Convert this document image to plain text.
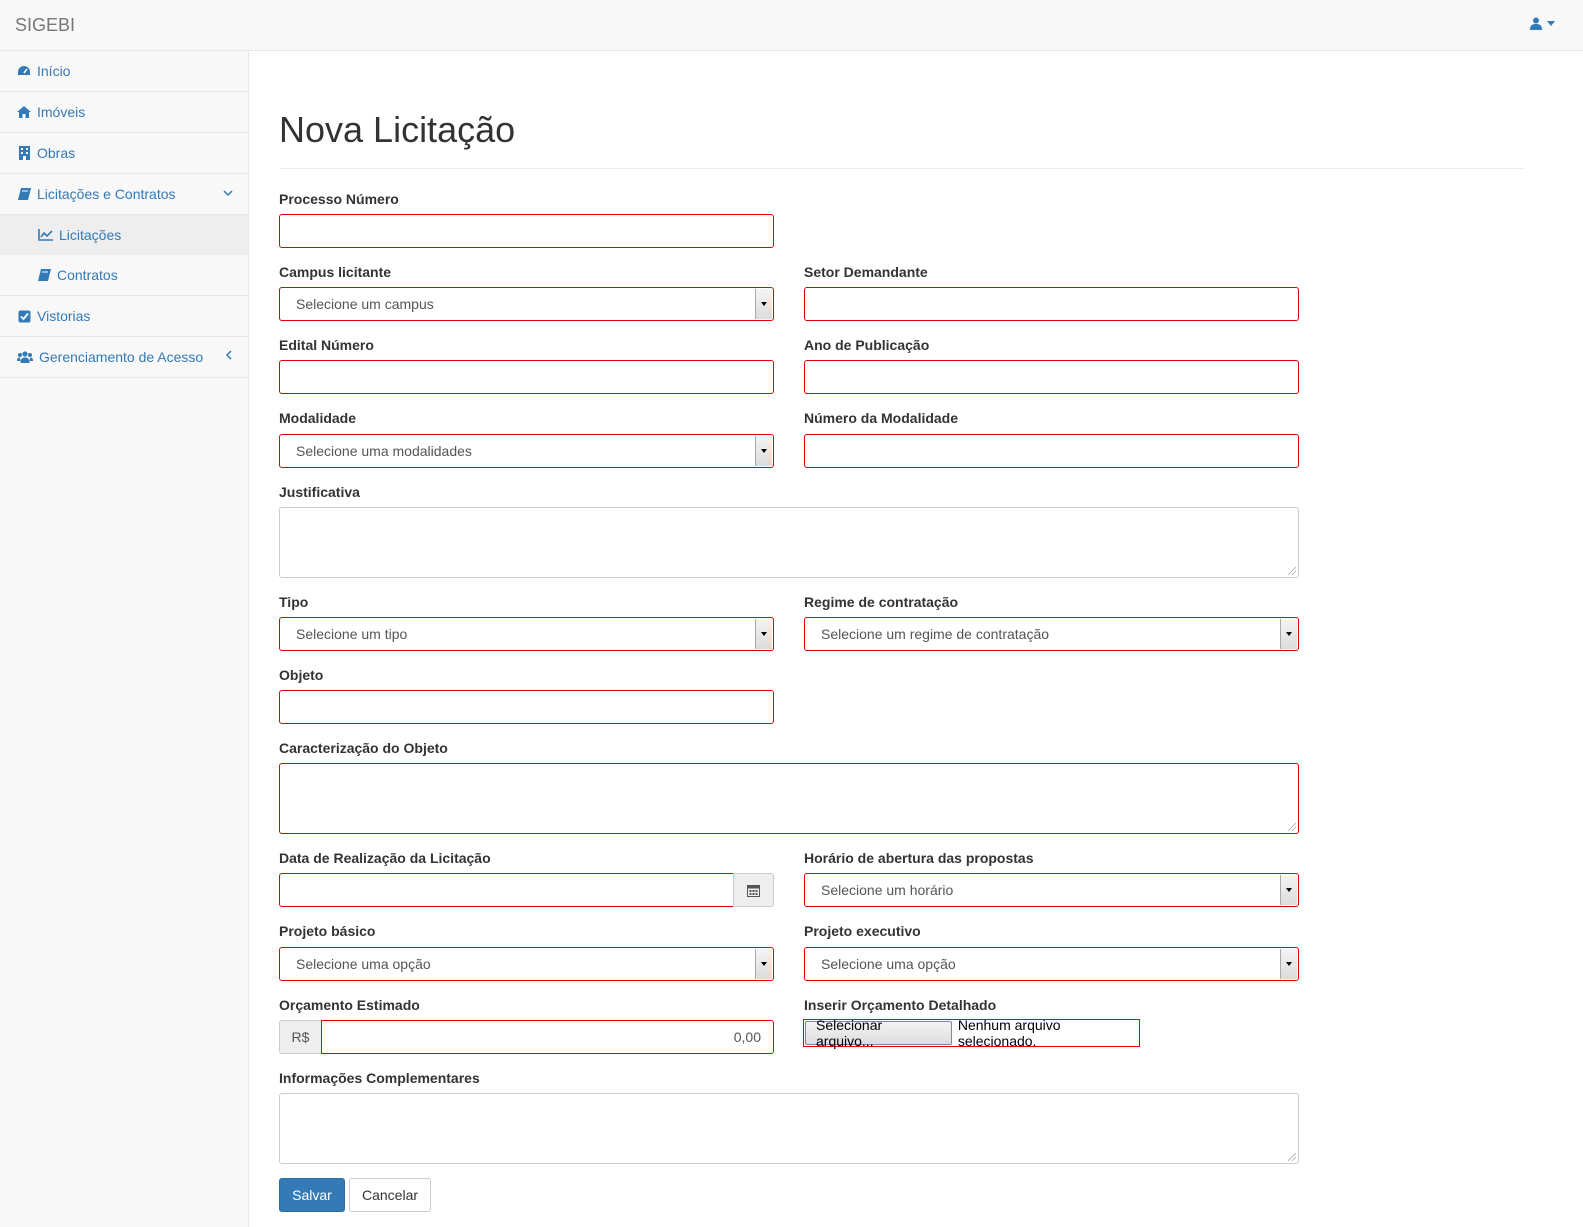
SIGEBI
Início
Imóveis
Obras
Licitações e Contratos
Licitações
Contratos
Vistorias
Gerenciamento de Acesso
Nova Licitação
Processo Número
Campus licitante
Selecione um campus
Setor Demandante
Edital Número	Ano de Publicação
Modalidade
Selecione uma modalidades
Número da Modalidade
Justificativa
Tipo
Selecione um tipo
Regime de contratação
Selecione um regime de contratação
Objeto
Caracterização do Objeto
Data de Realização da Licitação	Horário de abertura das propostas
Selecione um horário
Projeto básico
Selecione uma opção
Projeto executivo
Selecione uma opção
Orçamento Estimado
R$	0,00
Inserir Orçamento Detalhado
Selecionar arquivo...
Nenhum arquivo selecionado.
Informações Complementares
Salvar	Cancelar
